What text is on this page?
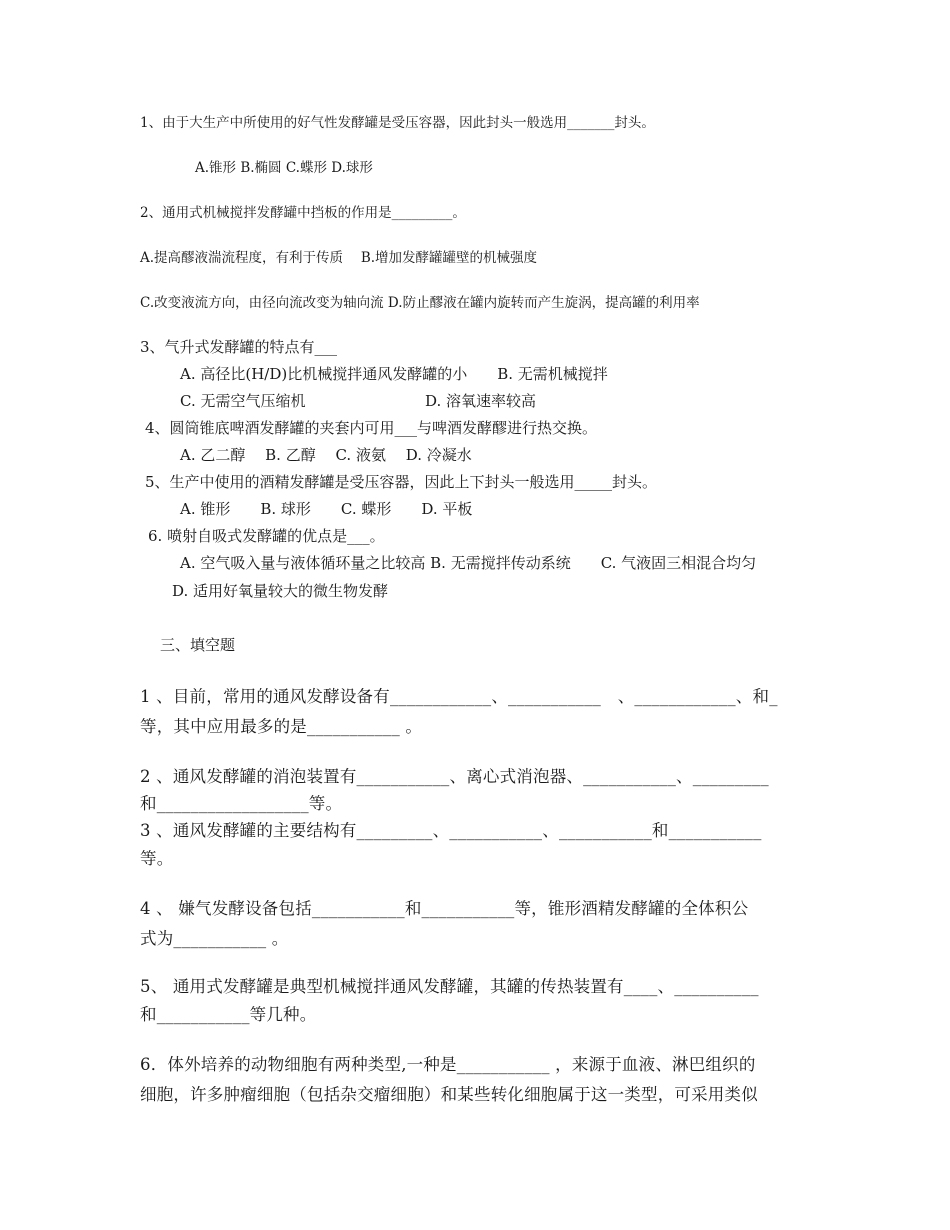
1、由于大生产中所使用的好气性发酵罐是受压容器，因此封头一般选用_______封头。
A.锥形 B.椭圆 C.蝶形 D.球形
2、通用式机械搅拌发酵罐中挡板的作用是_________。
A.提高醪液湍流程度，有利于传质　 B.增加发酵罐罐壁的机械强度
C.改变液流方向，由径向流改变为轴向流 D.防止醪液在罐内旋转而产生旋涡，提高罐的利用率
3、气升式发酵罐的特点有___
A. 高径比(H/D)比机械搅拌通风发酵罐的小　　B. 无需机械搅拌
C. 无需空气压缩机	D. 溶氧速率较高
4、圆筒锥底啤酒发酵罐的夹套内可用___与啤酒发酵醪进行热交换。
A. 乙二醇　 B. 乙醇　 C. 液氨　 D. 冷凝水
5、生产中使用的酒精发酵罐是受压容器，因此上下封头一般选用_____封头。
A. 锥形　　B. 球形　　C. 蝶形　　D. 平板
6. 喷射自吸式发酵罐的优点是___。
A. 空气吸入量与液体循环量之比较高 B. 无需搅拌传动系统　　C. 气液固三相混合均匀
D. 适用好氧量较大的微生物发酵
三、填空题
1 、目前，常用的通风发酵设备有____________、___________　、____________、和_
等，其中应用最多的是___________ 。
2 、通风发酵罐的消泡装置有___________、离心式消泡器、___________、_________
和__________________等。
3 、通风发酵罐的主要结构有_________、___________、___________和___________
等。
4 、 嫌气发酵设备包括___________和___________等，锥形酒精发酵罐的全体积公
式为___________ 。
5、 通用式发酵罐是典型机械搅拌通风发酵罐，其罐的传热装置有____、__________
和___________等几种。
6．体外培养的动物细胞有两种类型,一种是___________ ，来源于血液、淋巴组织的
细胞，许多肿瘤细胞（包括杂交瘤细胞）和某些转化细胞属于这一类型，可采用类似
